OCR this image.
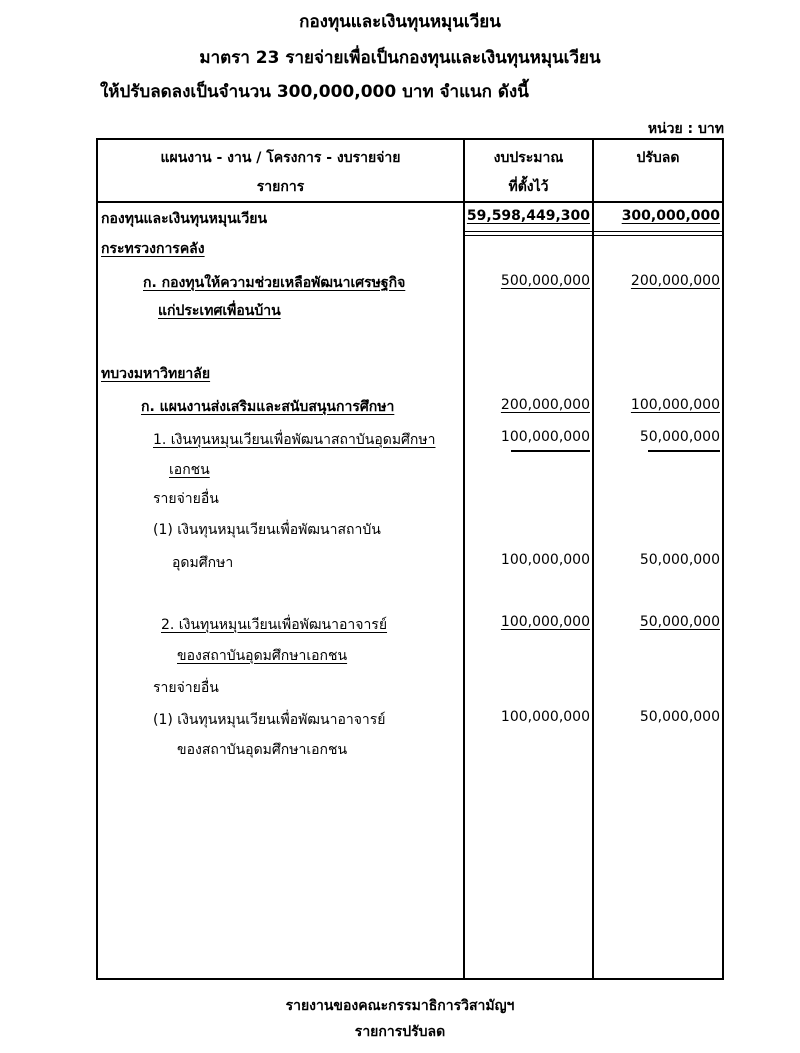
กองทุนและเงินทุนหมุนเวียน
มาตรา 23 รายจ่ายเพื่อเป็นกองทุนและเงินทุนหมุนเวียน
ให้ปรับลดลงเป็นจำนวน 300,000,000 บาท จำแนก ดังนี้
หน่วย : บาท
แผนงาน - งาน / โครงการ - งบรายจ่าย
รายการ
งบประมาณ
ที่ตั้งไว้
ปรับลด
กองทุนและเงินทุนหมุนเวียน	59,598,449,300	300,000,000
กระทรวงการคลัง
ก. กองทุนให้ความช่วยเหลือพัฒนาเศรษฐกิจ
แก่ประเทศเพื่อนบ้าน
500,000,000	200,000,000
ทบวงมหาวิทยาลัย
ก. แผนงานส่งเสริมและสนับสนุนการศึกษา	200,000,000	100,000,000
1. เงินทุนหมุนเวียนเพื่อพัฒนาสถาบันอุดมศึกษา
เอกชน
100,000,000	50,000,000
รายจ่ายอื่น
(1) เงินทุนหมุนเวียนเพื่อพัฒนาสถาบัน
อุดมศึกษา	100,000,000	50,000,000
2. เงินทุนหมุนเวียนเพื่อพัฒนาอาจารย์
ของสถาบันอุดมศึกษาเอกชน
100,000,000	50,000,000
รายจ่ายอื่น
(1) เงินทุนหมุนเวียนเพื่อพัฒนาอาจารย์
ของสถาบันอุดมศึกษาเอกชน
100,000,000	50,000,000
รายงานของคณะกรรมาธิการวิสามัญฯ
รายการปรับลด
